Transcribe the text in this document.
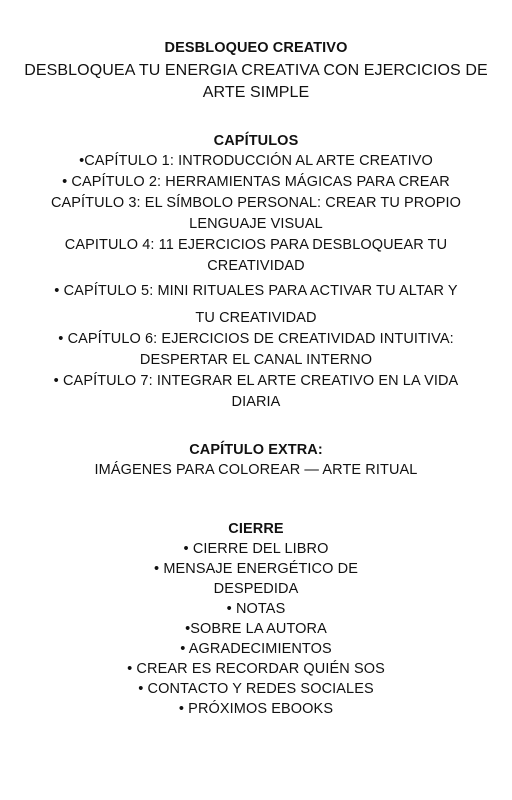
DESBLOQUEO CREATIVO
DESBLOQUEA TU ENERGIA CREATIVA CON EJERCICIOS DE
ARTE SIMPLE
CAPÍTULOS
•CAPÍTULO 1: INTRODUCCIÓN AL ARTE CREATIVO
• CAPÍTULO 2: HERRAMIENTAS MÁGICAS PARA CREAR
CAPÍTULO 3: EL SÍMBOLO PERSONAL: CREAR TU PROPIO
LENGUAJE VISUAL
CAPITULO 4: 11 EJERCICIOS PARA DESBLOQUEAR TU
CREATIVIDAD
• CAPÍTULO 5: MINI RITUALES PARA ACTIVAR TU ALTAR Y
TU CREATIVIDAD
• CAPÍTULO 6: EJERCICIOS DE CREATIVIDAD INTUITIVA:
DESPERTAR EL CANAL INTERNO
• CAPÍTULO 7: INTEGRAR EL ARTE CREATIVO EN LA VIDA
DIARIA
CAPÍTULO EXTRA:
IMÁGENES PARA COLOREAR — ARTE RITUAL
CIERRE
• CIERRE DEL LIBRO
• MENSAJE ENERGÉTICO DE
DESPEDIDA
• NOTAS
•SOBRE LA AUTORA
• AGRADECIMIENTOS
• CREAR ES RECORDAR QUIÉN SOS
• CONTACTO Y REDES SOCIALES
• PRÓXIMOS EBOOKS
